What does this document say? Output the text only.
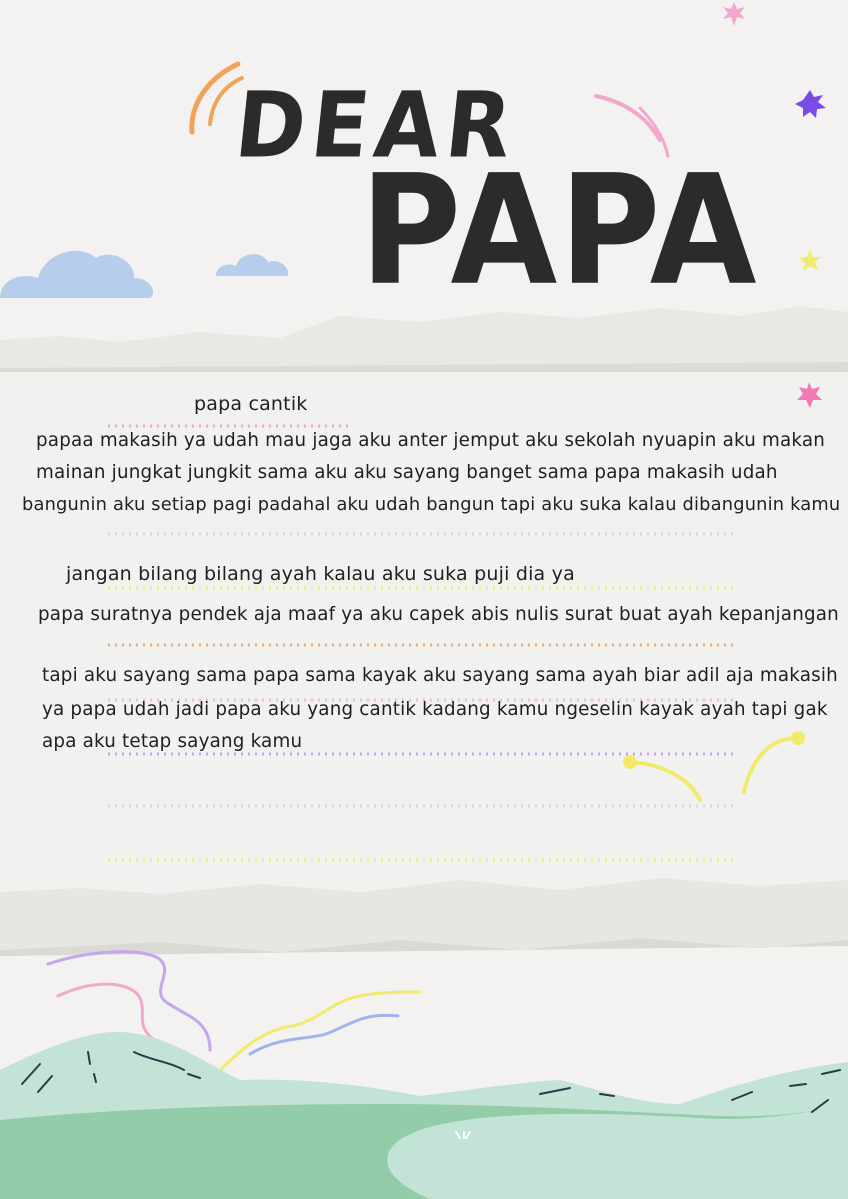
DEAR

PAPA

papa cantik

papaa makasih ya udah mau jaga aku anter jemput aku sekolah nyuapin aku makan

mainan jungkat jungkit sama aku aku sayang banget sama papa makasih udah

bangunin aku setiap pagi padahal aku udah bangun tapi aku suka kalau dibangunin kamu

jangan bilang bilang ayah kalau aku suka puji dia ya

papa suratnya pendek aja maaf ya aku capek abis nulis surat buat ayah kepanjangan

tapi aku sayang sama papa sama kayak aku sayang sama ayah biar adil aja makasih

ya papa udah jadi papa aku yang cantik kadang kamu ngeselin kayak ayah tapi gak

apa aku tetap sayang kamu
